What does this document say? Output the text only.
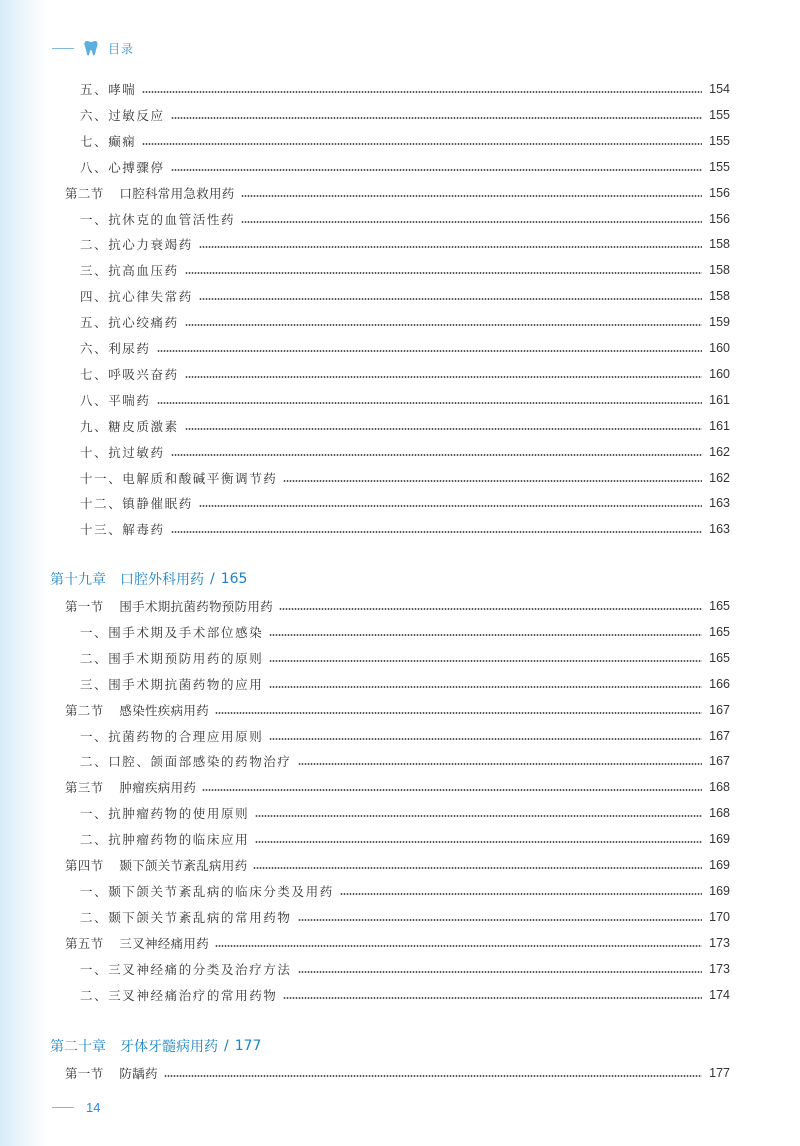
目录
五、哮喘	154
六、过敏反应	155
七、癫痫	155
八、心搏骤停	155
第二节 口腔科常用急救用药	156
一、抗休克的血管活性药	156
二、抗心力衰竭药	158
三、抗高血压药	158
四、抗心律失常药	158
五、抗心绞痛药	159
六、利尿药	160
七、呼吸兴奋药	160
八、平喘药	161
九、糖皮质激素	161
十、抗过敏药	162
十一、电解质和酸碱平衡调节药	162
十二、镇静催眠药	163
十三、解毒药	163
第十九章 口腔外科用药 / 165
第一节 围手术期抗菌药物预防用药	165
一、围手术期及手术部位感染	165
二、围手术期预防用药的原则	165
三、围手术期抗菌药物的应用	166
第二节 感染性疾病用药	167
一、抗菌药物的合理应用原则	167
二、口腔、颌面部感染的药物治疗	167
第三节 肿瘤疾病用药	168
一、抗肿瘤药物的使用原则	168
二、抗肿瘤药物的临床应用	169
第四节 颞下颌关节紊乱病用药	169
一、颞下颌关节紊乱病的临床分类及用药	169
二、颞下颌关节紊乱病的常用药物	170
第五节 三叉神经痛用药	173
一、三叉神经痛的分类及治疗方法	173
二、三叉神经痛治疗的常用药物	174
第二十章 牙体牙髓病用药 / 177
第一节 防龋药	177
14
